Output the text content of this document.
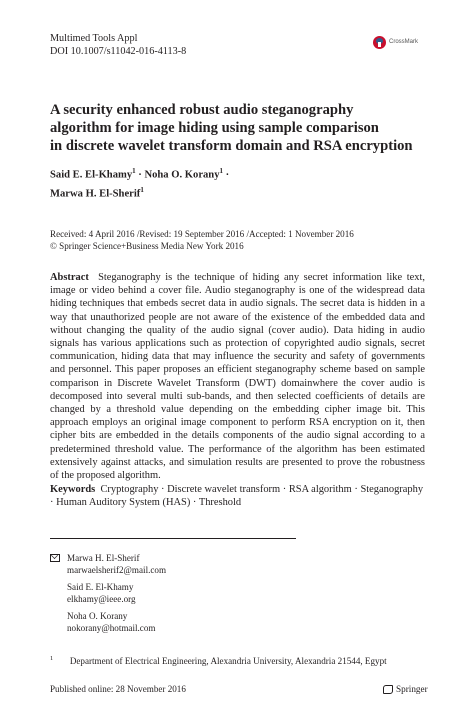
Multimed Tools Appl
DOI 10.1007/s11042-016-4113-8
CrossMark
A security enhanced robust audio steganography
algorithm for image hiding using sample comparison
in discrete wavelet transform domain and RSA encryption
Said E. El-Khamy$^1$ · Noha O. Korany$^1$ ·
Marwa H. El-Sherif$^1$
Received: 4 April 2016 /Revised: 19 September 2016 /Accepted: 1 November 2016
© Springer Science+Business Media New York 2016
Abstract Steganography is the technique of hiding any secret information like text, image or video behind a cover file. Audio steganography is one of the widespread data hiding techniques that embeds secret data in audio signals. The secret data is hidden in a way that unauthorized people are not aware of the existence of the embedded data and without changing the quality of the audio signal (cover audio). Data hiding in audio signals has various applications such as protection of copyrighted audio signals, secret communication, hiding data that may influence the security and safety of governments and personnel. This paper proposes an efficient steganography scheme based on sample comparison in Discrete Wavelet Transform (DWT) domainwhere the cover audio is decomposed into several multi sub-bands, and then selected coefficients of details are changed by a threshold value depending on the embedding cipher image bit. This approach employs an original image component to perform RSA encryption on it, then cipher bits are embedded in the details components of the audio signal according to a predetermined threshold value. The performance of the algorithm has been estimated extensively against attacks, and simulation results are presented to prove the robustness of the proposed algorithm.
Keywords Cryptography · Discrete wavelet transform · RSA algorithm · Steganography · Human Auditory System (HAS) · Threshold
Marwa H. El-Sherif
marwaelsherif2@mail.com
Said E. El-Khamy
elkhamy@ieee.org
Noha O. Korany
nokorany@hotmail.com
$^1$ Department of Electrical Engineering, Alexandria University, Alexandria 21544, Egypt
Published online: 28 November 2016	Springer
